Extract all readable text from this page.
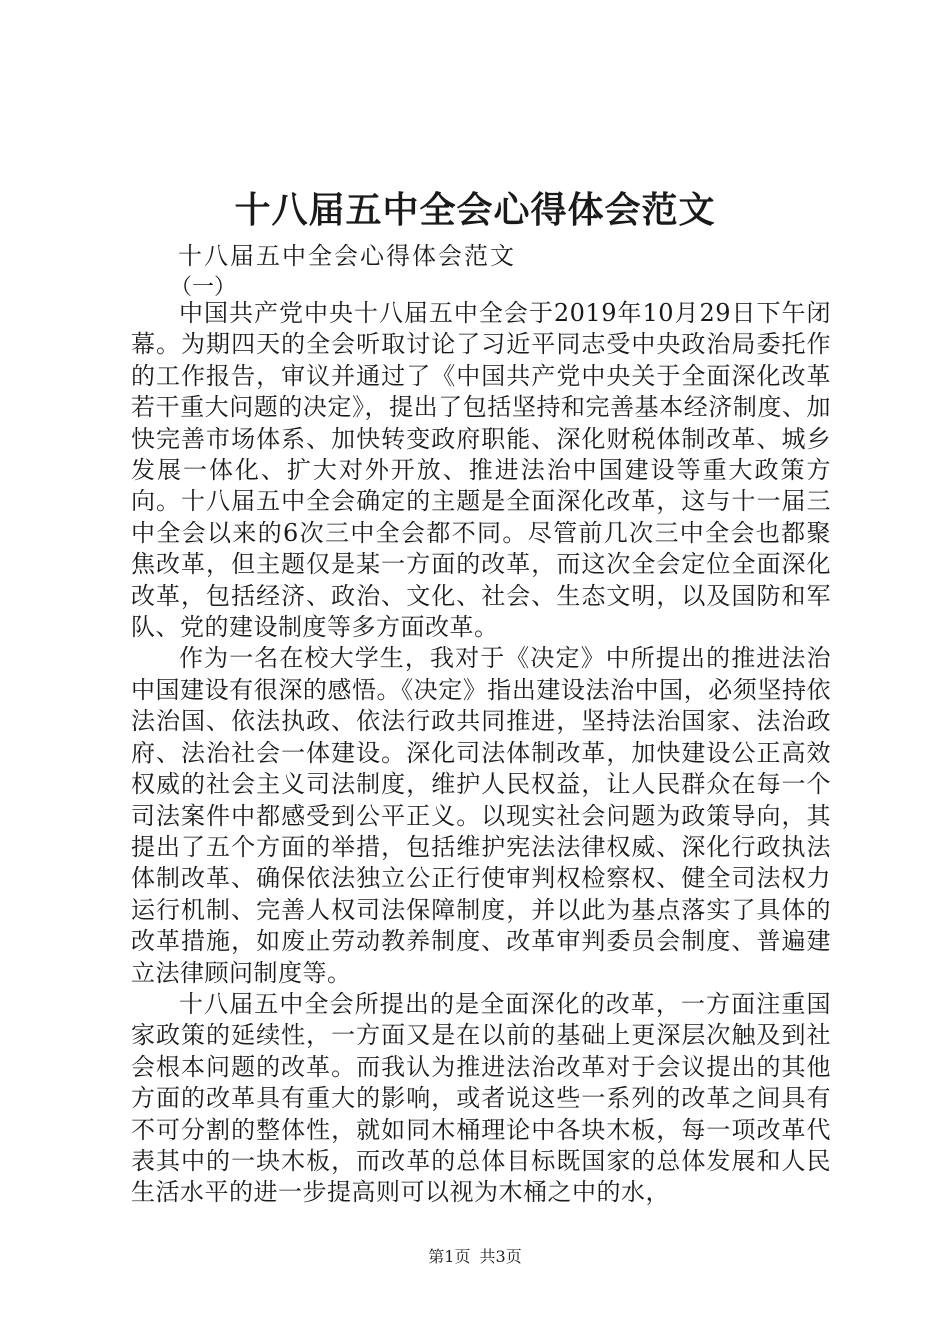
十八届五中全会心得体会范文

十八届五中全会心得体会范文

（一）

中国共产党中央十八届五中全会于2019年10月29日下午闭幕。为期四天的全会听取讨论了习近平同志受中央政治局委托作的工作报告，审议并通过了《中国共产党中央关于全面深化改革若干重大问题的决定》，提出了包括坚持和完善基本经济制度、加快完善市场体系、加快转变政府职能、深化财税体制改革、城乡发展一体化、扩大对外开放、推进法治中国建设等重大政策方向。十八届五中全会确定的主题是全面深化改革，这与十一届三中全会以来的6次三中全会都不同。尽管前几次三中全会也都聚焦改革，但主题仅是某一方面的改革，而这次全会定位全面深化改革，包括经济、政治、文化、社会、生态文明，以及国防和军队、党的建设制度等多方面改革。

作为一名在校大学生，我对于《决定》中所提出的推进法治中国建设有很深的感悟。《决定》指出建设法治中国，必须坚持依法治国、依法执政、依法行政共同推进，坚持法治国家、法治政府、法治社会一体建设。深化司法体制改革，加快建设公正高效权威的社会主义司法制度，维护人民权益，让人民群众在每一个司法案件中都感受到公平正义。以现实社会问题为政策导向，其提出了五个方面的举措，包括维护宪法法律权威、深化行政执法体制改革、确保依法独立公正行使审判权检察权、健全司法权力运行机制、完善人权司法保障制度，并以此为基点落实了具体的改革措施，如废止劳动教养制度、改革审判委员会制度、普遍建立法律顾问制度等。

十八届五中全会所提出的是全面深化的改革，一方面注重国家政策的延续性，一方面又是在以前的基础上更深层次触及到社会根本问题的改革。而我认为推进法治改革对于会议提出的其他方面的改革具有重大的影响，或者说这些一系列的改革之间具有不可分割的整体性，就如同木桶理论中各块木板，每一项改革代表其中的一块木板，而改革的总体目标既国家的总体发展和人民生活水平的进一步提高则可以视为木桶之中的水，

第1页 共3页
